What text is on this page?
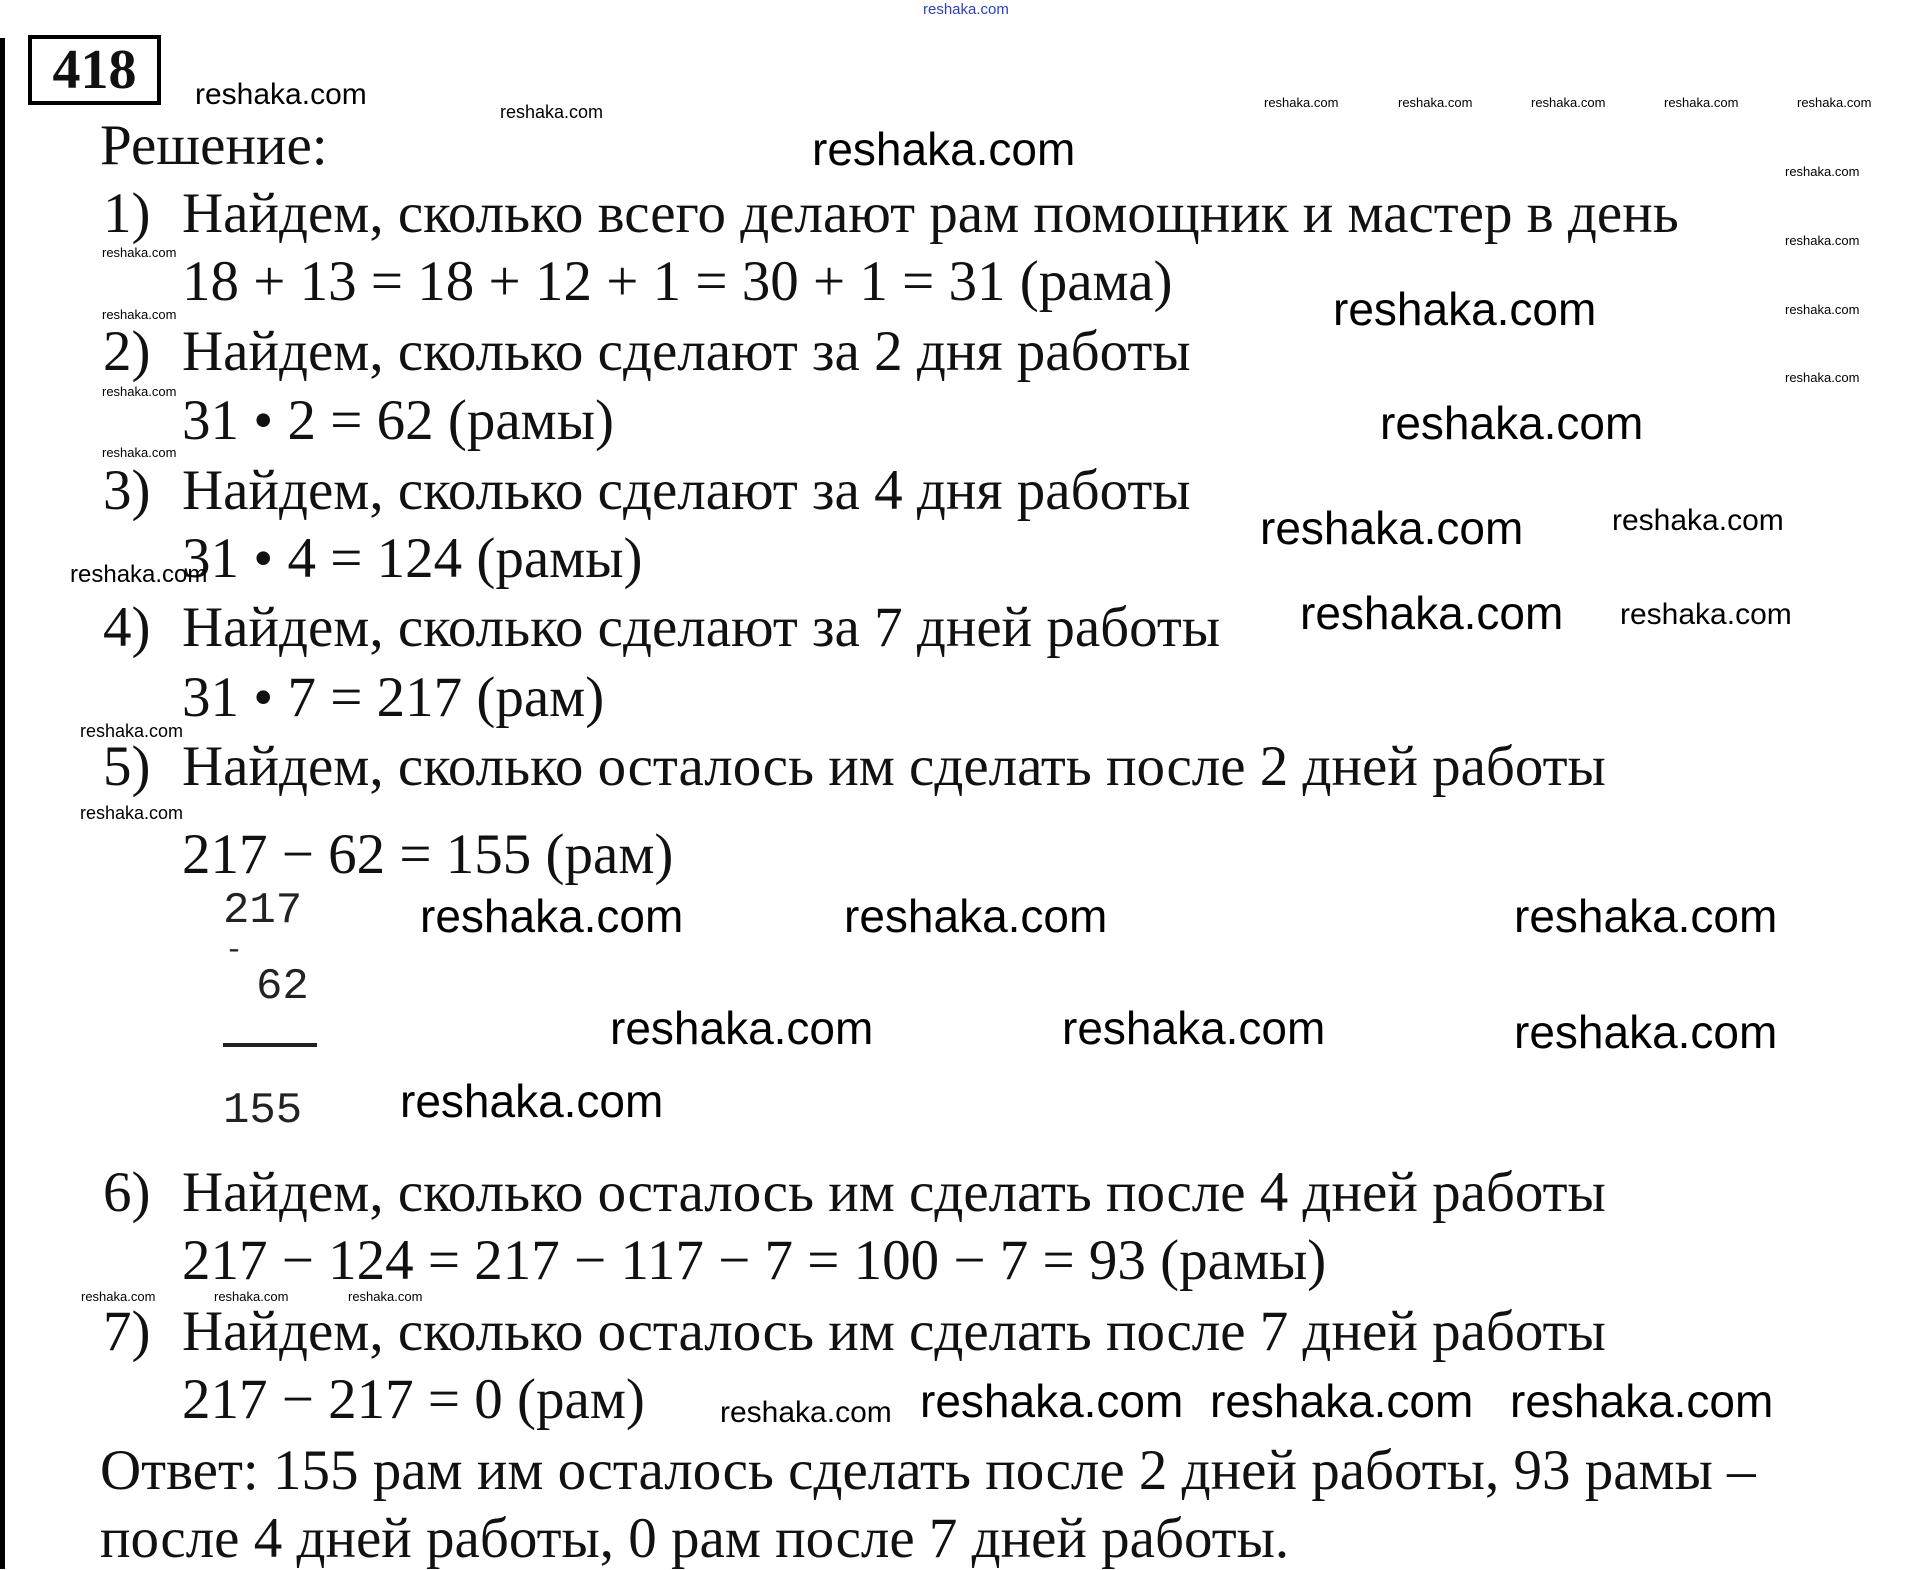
reshaka.com
418
Решение:
1) Найдем, сколько всего делают рам помощник и мастер в день
18 + 13 = 18 + 12 + 1 = 30 + 1 = 31 (рама)
2) Найдем, сколько сделают за 2 дня работы
31 • 2 = 62 (рамы)
3) Найдем, сколько сделают за 4 дня работы
31 • 4 = 124 (рамы)
4) Найдем, сколько сделают за 7 дней работы
31 • 7 = 217 (рам)
5) Найдем, сколько осталось им сделать после 2 дней работы
217 − 62 = 155 (рам)
217
-
62
155
6) Найдем, сколько осталось им сделать после 4 дней работы
217 − 124 = 217 − 117 − 7 = 100 − 7 = 93 (рамы)
7) Найдем, сколько осталось им сделать после 7 дней работы
217 − 217 = 0 (рам)
Ответ: 155 рам им осталось сделать после 2 дней работы, 93 рамы –
после 4 дней работы, 0 рам после 7 дней работы.
reshaka.com
reshaka.com
reshaka.com
reshaka.com
reshaka.com
reshaka.com	reshaka.com	reshaka.com
reshaka.com	reshaka.com	reshaka.com
reshaka.com
reshaka.com reshaka.com reshaka.com
reshaka.com
reshaka.com
reshaka.com
reshaka.com
reshaka.com
reshaka.com
reshaka.com
reshaka.com
reshaka.com	reshaka.com	reshaka.com	reshaka.com	reshaka.com
reshaka.com
reshaka.com
reshaka.com
reshaka.com
reshaka.com
reshaka.com
reshaka.com
reshaka.com
reshaka.com	reshaka.com	reshaka.com
